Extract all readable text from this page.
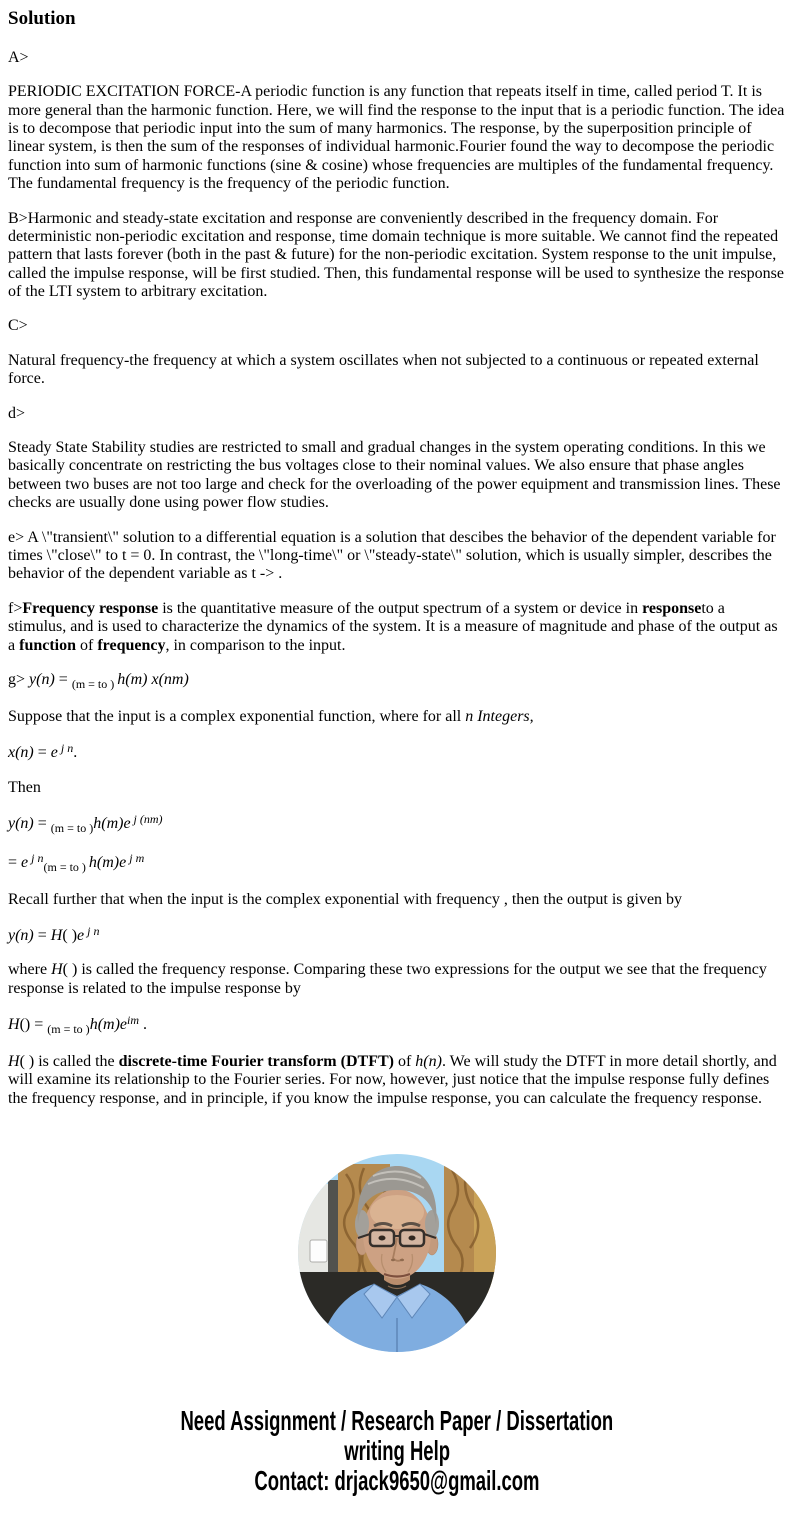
Solution

A>

PERIODIC EXCITATION FORCE-A periodic function is any function that repeats itself in time, called period T. It is more general than the harmonic function. Here, we will find the response to the input that is a periodic function. The idea is to decompose that periodic input into the sum of many harmonics. The response, by the superposition principle of linear system, is then the sum of the responses of individual harmonic.Fourier found the way to decompose the periodic function into sum of harmonic functions (sine & cosine) whose frequencies are multiples of the fundamental frequency. The fundamental frequency is the frequency of the periodic function.

B>Harmonic and steady-state excitation and response are conveniently described in the frequency domain. For deterministic non-periodic excitation and response, time domain technique is more suitable. We cannot find the repeated pattern that lasts forever (both in the past & future) for the non-periodic excitation. System response to the unit impulse, called the impulse response, will be first studied. Then, this fundamental response will be used to synthesize the response of the LTI system to arbitrary excitation.

C>

Natural frequency-the frequency at which a system oscillates when not subjected to a continuous or repeated external force.

d>

Steady State Stability studies are restricted to small and gradual changes in the system operating conditions. In this we basically concentrate on restricting the bus voltages close to their nominal values. We also ensure that phase angles between two buses are not too large and check for the overloading of the power equipment and transmission lines. These checks are usually done using power flow studies.

e> A \"transient\" solution to a differential equation is a solution that descibes the behavior of the dependent variable for times \"close\" to t = 0. In contrast, the \"long-time\" or \"steady-state\" solution, which is usually simpler, describes the behavior of the dependent variable as t -> .

f>Frequency response is the quantitative measure of the output spectrum of a system or device in responseto a stimulus, and is used to characterize the dynamics of the system. It is a measure of magnitude and phase of the output as a function of frequency, in comparison to the input.

g> y(n) = $_{(m = to )}$ h(m) x(nm)

Suppose that the input is a complex exponential function, where for all n Integers,

x(n) = e $^{j n}$.

Then

y(n) = $_{(m = to )}$h(m)e $^{j (nm)}$

= e $^{j n}_{(m = to )}$ h(m)e $^{j m}$

Recall further that when the input is the complex exponential with frequency , then the output is given by

y(n) = H( )e $^{j n}$

where H( ) is called the frequency response. Comparing these two expressions for the output we see that the frequency response is related to the impulse response by

$H() = _{(m = to )}h(m)e^{im}$ .

H( ) is called the discrete-time Fourier transform (DTFT) of h(n). We will study the DTFT in more detail shortly, and will examine its relationship to the Fourier series. For now, however, just notice that the impulse response fully defines the frequency response, and in principle, if you know the impulse response, you can calculate the frequency response.

Need Assignment / Research Paper / Dissertation
writing Help
Contact: drjack9650@gmail.com
